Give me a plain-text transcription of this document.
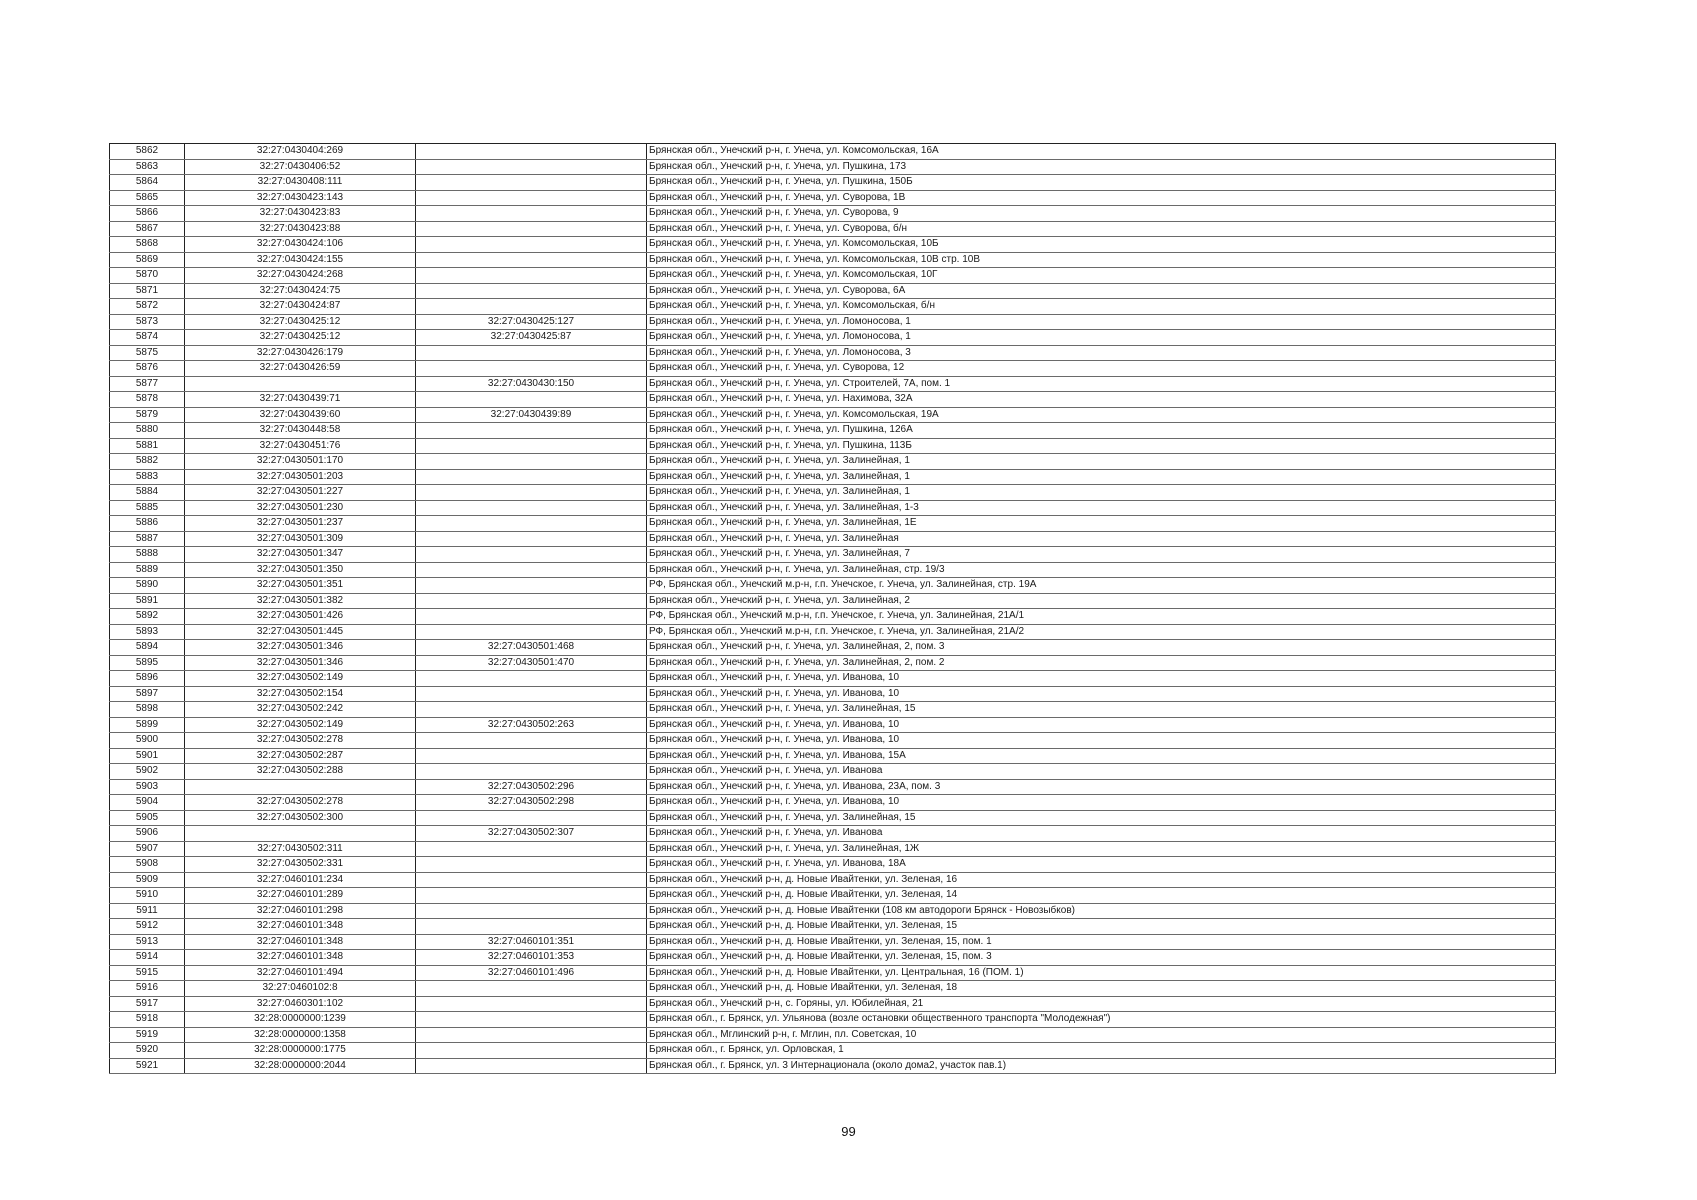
5862	32:27:0430404:269		Брянская обл., Унечский р-н, г. Унеча, ул. Комсомольская, 16А
5863	32:27:0430406:52		Брянская обл., Унечский р-н, г. Унеча, ул. Пушкина, 173
5864	32:27:0430408:111		Брянская обл., Унечский р-н, г. Унеча, ул. Пушкина, 150Б
5865	32:27:0430423:143		Брянская обл., Унечский р-н, г. Унеча, ул. Суворова, 1В
5866	32:27:0430423:83		Брянская обл., Унечский р-н, г. Унеча, ул. Суворова, 9
5867	32:27:0430423:88		Брянская обл., Унечский р-н, г. Унеча, ул. Суворова, б/н
5868	32:27:0430424:106		Брянская обл., Унечский р-н, г. Унеча, ул. Комсомольская, 10Б
5869	32:27:0430424:155		Брянская обл., Унечский р-н, г. Унеча, ул. Комсомольская, 10В стр. 10В
5870	32:27:0430424:268		Брянская обл., Унечский р-н, г. Унеча, ул. Комсомольская, 10Г
5871	32:27:0430424:75		Брянская обл., Унечский р-н, г. Унеча, ул. Суворова, 6А
5872	32:27:0430424:87		Брянская обл., Унечский р-н, г. Унеча, ул. Комсомольская, б/н
5873	32:27:0430425:12	32:27:0430425:127	Брянская обл., Унечский р-н, г. Унеча, ул. Ломоносова, 1
5874	32:27:0430425:12	32:27:0430425:87	Брянская обл., Унечский р-н, г. Унеча, ул. Ломоносова, 1
5875	32:27:0430426:179		Брянская обл., Унечский р-н, г. Унеча, ул. Ломоносова, 3
5876	32:27:0430426:59		Брянская обл., Унечский р-н, г. Унеча, ул. Суворова, 12
5877		32:27:0430430:150	Брянская обл., Унечский р-н, г. Унеча, ул. Строителей, 7А, пом. 1
5878	32:27:0430439:71		Брянская обл., Унечский р-н, г. Унеча, ул. Нахимова, 32А
5879	32:27:0430439:60	32:27:0430439:89	Брянская обл., Унечский р-н, г. Унеча, ул. Комсомольская, 19А
5880	32:27:0430448:58		Брянская обл., Унечский р-н, г. Унеча, ул. Пушкина, 126А
5881	32:27:0430451:76		Брянская обл., Унечский р-н, г. Унеча, ул. Пушкина, 113Б
5882	32:27:0430501:170		Брянская обл., Унечский р-н, г. Унеча, ул. Залинейная, 1
5883	32:27:0430501:203		Брянская обл., Унечский р-н, г. Унеча, ул. Залинейная, 1
5884	32:27:0430501:227		Брянская обл., Унечский р-н, г. Унеча, ул. Залинейная, 1
5885	32:27:0430501:230		Брянская обл., Унечский р-н, г. Унеча, ул. Залинейная, 1-3
5886	32:27:0430501:237		Брянская обл., Унечский р-н, г. Унеча, ул. Залинейная, 1Е
5887	32:27:0430501:309		Брянская обл., Унечский р-н, г. Унеча, ул. Залинейная
5888	32:27:0430501:347		Брянская обл., Унечский р-н, г. Унеча, ул. Залинейная, 7
5889	32:27:0430501:350		Брянская обл., Унечский р-н, г. Унеча, ул. Залинейная, стр. 19/3
5890	32:27:0430501:351		РФ, Брянская обл., Унечский м.р-н, г.п. Унечское, г. Унеча, ул. Залинейная, стр. 19А
5891	32:27:0430501:382		Брянская обл., Унечский р-н, г. Унеча, ул. Залинейная, 2
5892	32:27:0430501:426		РФ, Брянская обл., Унечский м.р-н, г.п. Унечское, г. Унеча, ул. Залинейная, 21А/1
5893	32:27:0430501:445		РФ, Брянская обл., Унечский м.р-н, г.п. Унечское, г. Унеча, ул. Залинейная, 21А/2
5894	32:27:0430501:346	32:27:0430501:468	Брянская обл., Унечский р-н, г. Унеча, ул. Залинейная, 2, пом. 3
5895	32:27:0430501:346	32:27:0430501:470	Брянская обл., Унечский р-н, г. Унеча, ул. Залинейная, 2, пом. 2
5896	32:27:0430502:149		Брянская обл., Унечский р-н, г. Унеча, ул. Иванова, 10
5897	32:27:0430502:154		Брянская обл., Унечский р-н, г. Унеча, ул. Иванова, 10
5898	32:27:0430502:242		Брянская обл., Унечский р-н, г. Унеча, ул. Залинейная, 15
5899	32:27:0430502:149	32:27:0430502:263	Брянская обл., Унечский р-н, г. Унеча, ул. Иванова, 10
5900	32:27:0430502:278		Брянская обл., Унечский р-н, г. Унеча, ул. Иванова, 10
5901	32:27:0430502:287		Брянская обл., Унечский р-н, г. Унеча, ул. Иванова, 15А
5902	32:27:0430502:288		Брянская обл., Унечский р-н, г. Унеча, ул. Иванова
5903		32:27:0430502:296	Брянская обл., Унечский р-н, г. Унеча, ул. Иванова, 23А, пом. 3
5904	32:27:0430502:278	32:27:0430502:298	Брянская обл., Унечский р-н, г. Унеча, ул. Иванова, 10
5905	32:27:0430502:300		Брянская обл., Унечский р-н, г. Унеча, ул. Залинейная, 15
5906		32:27:0430502:307	Брянская обл., Унечский р-н, г. Унеча, ул. Иванова
5907	32:27:0430502:311		Брянская обл., Унечский р-н, г. Унеча, ул. Залинейная, 1Ж
5908	32:27:0430502:331		Брянская обл., Унечский р-н, г. Унеча, ул. Иванова, 18А
5909	32:27:0460101:234		Брянская обл., Унечский р-н, д. Новые Ивайтенки, ул. Зеленая, 16
5910	32:27:0460101:289		Брянская обл., Унечский р-н, д. Новые Ивайтенки, ул. Зеленая, 14
5911	32:27:0460101:298		Брянская обл., Унечский р-н, д. Новые Ивайтенки (108 км автодороги Брянск - Новозыбков)
5912	32:27:0460101:348		Брянская обл., Унечский р-н, д. Новые Ивайтенки, ул. Зеленая, 15
5913	32:27:0460101:348	32:27:0460101:351	Брянская обл., Унечский р-н, д. Новые Ивайтенки, ул. Зеленая, 15, пом. 1
5914	32:27:0460101:348	32:27:0460101:353	Брянская обл., Унечский р-н, д. Новые Ивайтенки, ул. Зеленая, 15, пом. 3
5915	32:27:0460101:494	32:27:0460101:496	Брянская обл., Унечский р-н, д. Новые Ивайтенки, ул. Центральная, 16 (ПОМ. 1)
5916	32:27:0460102:8		Брянская обл., Унечский р-н, д. Новые Ивайтенки, ул. Зеленая, 18
5917	32:27:0460301:102		Брянская обл., Унечский р-н, с. Горяны, ул. Юбилейная, 21
5918	32:28:0000000:1239		Брянская обл., г. Брянск, ул. Ульянова (возле остановки общественного транспорта "Молодежная")
5919	32:28:0000000:1358		Брянская обл., Мглинский р-н, г. Мглин, пл. Советская, 10
5920	32:28:0000000:1775		Брянская обл., г. Брянск, ул. Орловская, 1
5921	32:28:0000000:2044		Брянская обл., г. Брянск, ул. 3 Интернационала (около дома2, участок пав.1)
99
